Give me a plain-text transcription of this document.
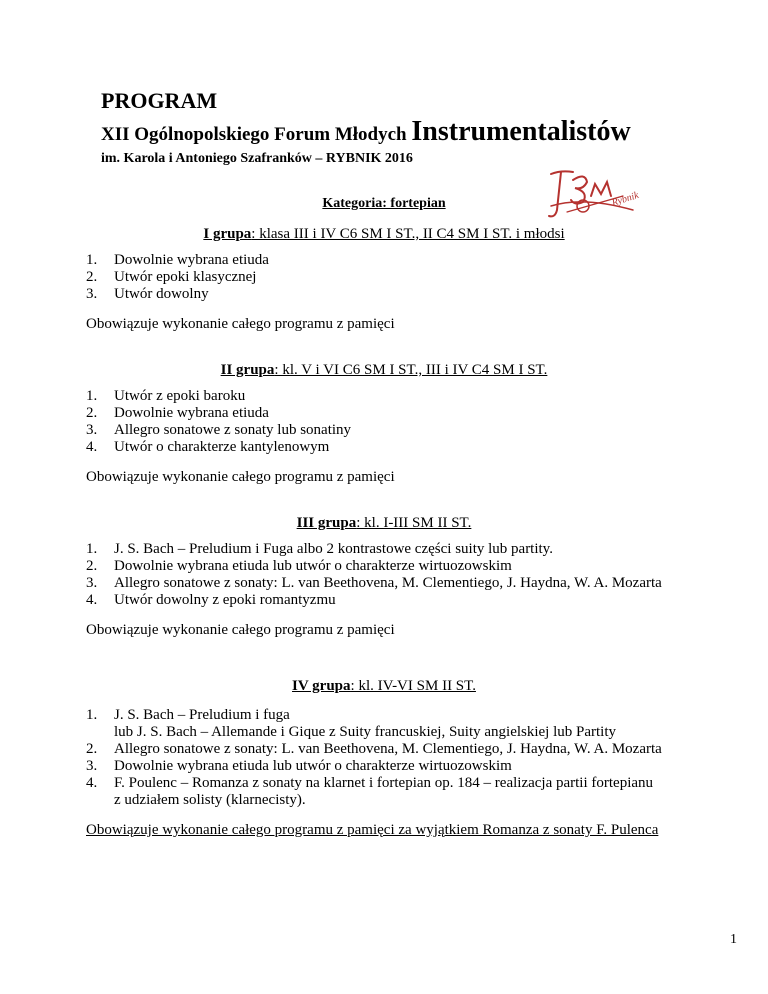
PROGRAM
XII Ogólnopolskiego Forum Młodych Instrumentalistów
im. Karola i Antoniego Szafranków – RYBNIK 2016
Rybnik
Kategoria: fortepian
I grupa: klasa III i IV C6 SM I ST., II C4 SM I ST. i młodsi
1. Dowolnie wybrana etiuda
2. Utwór epoki klasycznej
3. Utwór dowolny
Obowiązuje wykonanie całego programu z pamięci
II grupa: kl. V i VI C6 SM I ST., III i IV C4 SM I ST.
1. Utwór z epoki baroku
2. Dowolnie wybrana etiuda
3. Allegro sonatowe z sonaty lub sonatiny
4. Utwór o charakterze kantylenowym
Obowiązuje wykonanie całego programu z pamięci
III grupa: kl. I-III SM II ST.
1. J. S. Bach – Preludium i Fuga albo 2 kontrastowe części suity lub partity.
2. Dowolnie wybrana etiuda lub utwór o charakterze wirtuozowskim
3. Allegro sonatowe z sonaty: L. van Beethovena, M. Clementiego, J. Haydna, W. A. Mozarta
4. Utwór dowolny z epoki romantyzmu
Obowiązuje wykonanie całego programu z pamięci
IV grupa: kl. IV-VI SM II ST.
1. J. S. Bach – Preludium i fuga
lub J. S. Bach – Allemande i Gique z Suity francuskiej, Suity angielskiej lub Partity
2. Allegro sonatowe z sonaty: L. van Beethovena, M. Clementiego, J. Haydna, W. A. Mozarta
3. Dowolnie wybrana etiuda lub utwór o charakterze wirtuozowskim
4. F. Poulenc – Romanza z sonaty na klarnet i fortepian op. 184 – realizacja partii fortepianu
z udziałem solisty (klarnecisty).
Obowiązuje wykonanie całego programu z pamięci za wyjątkiem Romanza z sonaty F. Pulenca
1
